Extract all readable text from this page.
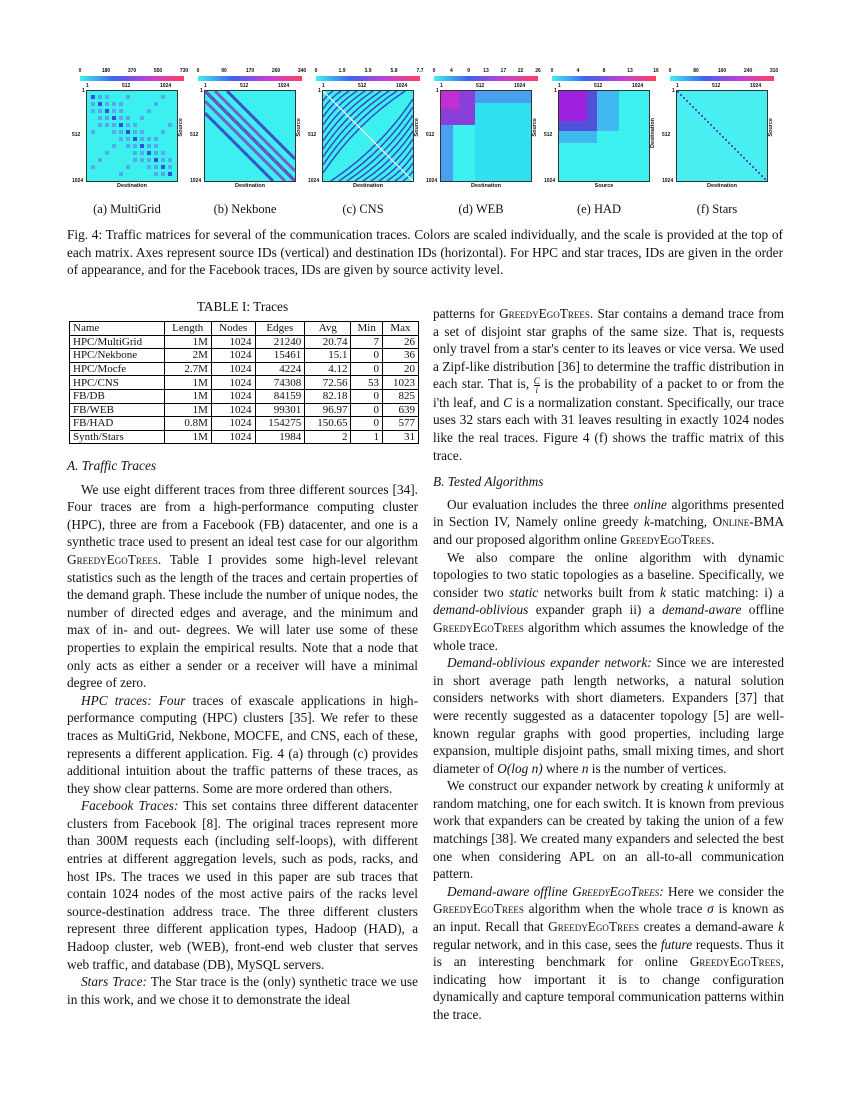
0	180	370	550	730
1	512	1024
1
512
1024
Source
Destination
(a) MultiGrid
0	90	170	260	340
1	512	1024
1
512
1024
Source
Destination
(b) Nekbone
0	1.9	3.9	5.8	7.7
1	512	1024
1
512
1024
Source
Destination
(c) CNS
0	4	9	13 17 22 26
1	512	1024
1
512
1024
Source
Destination
(d) WEB
0	4	8	13	16
1	512	1024
1
512
1024
Destination
Source
(e) HAD
0	80	160	240	310
1	512	1024
1
512
1024
Source
Destination
(f) Stars
Fig. 4: Traffic matrices for several of the communication traces. Colors are scaled individually, and the scale is provided at the top of each matrix. Axes represent source IDs (vertical) and destination IDs (horizontal). For HPC and star traces, IDs are given in the order of appearance, and for the Facebook traces, IDs are given by source activity level.
TABLE I: Traces
Name	Length	Nodes	Edges	Avg	Min	Max
HPC/MultiGrid	1M	1024	21240	20.74	7	26
HPC/Nekbone	2M	1024	15461	15.1	0	36
HPC/Mocfe	2.7M	1024	4224	4.12	0	20
HPC/CNS	1M	1024	74308	72.56	53	1023
FB/DB	1M	1024	84159	82.18	0	825
FB/WEB	1M	1024	99301	96.97	0	639
FB/HAD	0.8M	1024	154275	150.65	0	577
Synth/Stars	1M	1024	1984	2	1	31

A. Traffic Traces

We use eight different traces from three different sources [34]. Four traces are from a high-performance computing cluster (HPC), three are from a Facebook (FB) datacenter, and one is a synthetic trace used to present an ideal test case for our algorithm GreedyEgoTrees. Table I provides some high-level relevant statistics such as the length of the traces and certain properties of the demand graph. These include the number of unique nodes, the number of directed edges and average, and the minimum and max of in- and out- degrees. We will later use some of these properties to explain the empirical results. Note that a node that only acts as either a sender or a receiver will have a minimal degree of zero.

HPC traces: Four traces of exascale applications in high-performance computing (HPC) clusters [35]. We refer to these traces as MultiGrid, Nekbone, MOCFE, and CNS, each of these, represents a different application. Fig. 4 (a) through (c) provides additional intuition about the traffic patterns of these traces, as they show clear patterns. Some are more ordered than others.

Facebook Traces: This set contains three different datacenter clusters from Facebook [8]. The original traces represent more than 300M requests each (including self-loops), with different entries at different aggregation levels, such as pods, racks, and host IPs. The traces we used in this paper are sub traces that contain 1024 nodes of the most active pairs of the racks level source-destination address trace. The three different clusters represent three different application types, Hadoop (HAD), a Hadoop cluster, web (WEB), front-end web cluster that serves web traffic, and database (DB), MySQL servers.

Stars Trace: The Star trace is the (only) synthetic trace we use in this work, and we chose it to demonstrate the ideal

patterns for GreedyEgoTrees. Star contains a demand trace from a set of disjoint star graphs of the same size. That is, requests only travel from a star's center to its leaves or vice versa. We used a Zipf-like distribution [36] to determine the traffic distribution in each star. That is, $\frac{C}{i}$ is the probability of a packet to or from the i'th leaf, and C is a normalization constant. Specifically, our trace uses 32 stars each with 31 leaves resulting in exactly 1024 nodes like the real traces. Figure 4 (f) shows the traffic matrix of this trace.

B. Tested Algorithms

Our evaluation includes the three online algorithms presented in Section IV, Namely online greedy k-matching, Online-BMA and our proposed algorithm online GreedyEgoTrees.

We also compare the online algorithm with dynamic topologies to two static topologies as a baseline. Specifically, we consider two static networks built from k static matching: i) a demand-oblivious expander graph ii) a demand-aware offline GreedyEgoTrees algorithm which assumes the knowledge of the whole trace.

Demand-oblivious expander network: Since we are interested in short average path length networks, a natural solution considers networks with short diameters. Expanders [37] that were recently suggested as a datacenter topology [5] are well-known regular graphs with good properties, including large expansion, multiple disjoint paths, small mixing times, and short diameter of O(log n) where n is the number of vertices.

We construct our expander network by creating k uniformly at random matching, one for each switch. It is known from previous work that expanders can be created by taking the union of a few matchings [38]. We created many expanders and selected the best one when considering APL on an all-to-all communication pattern.

Demand-aware offline GreedyEgoTrees: Here we consider the GreedyEgoTrees algorithm when the whole trace σ is known as an input. Recall that GreedyEgoTrees creates a demand-aware k regular network, and in this case, sees the future requests. Thus it is an interesting benchmark for online GreedyEgoTrees, indicating how important it is to change configuration dynamically and capture temporal communication patterns within the trace.
